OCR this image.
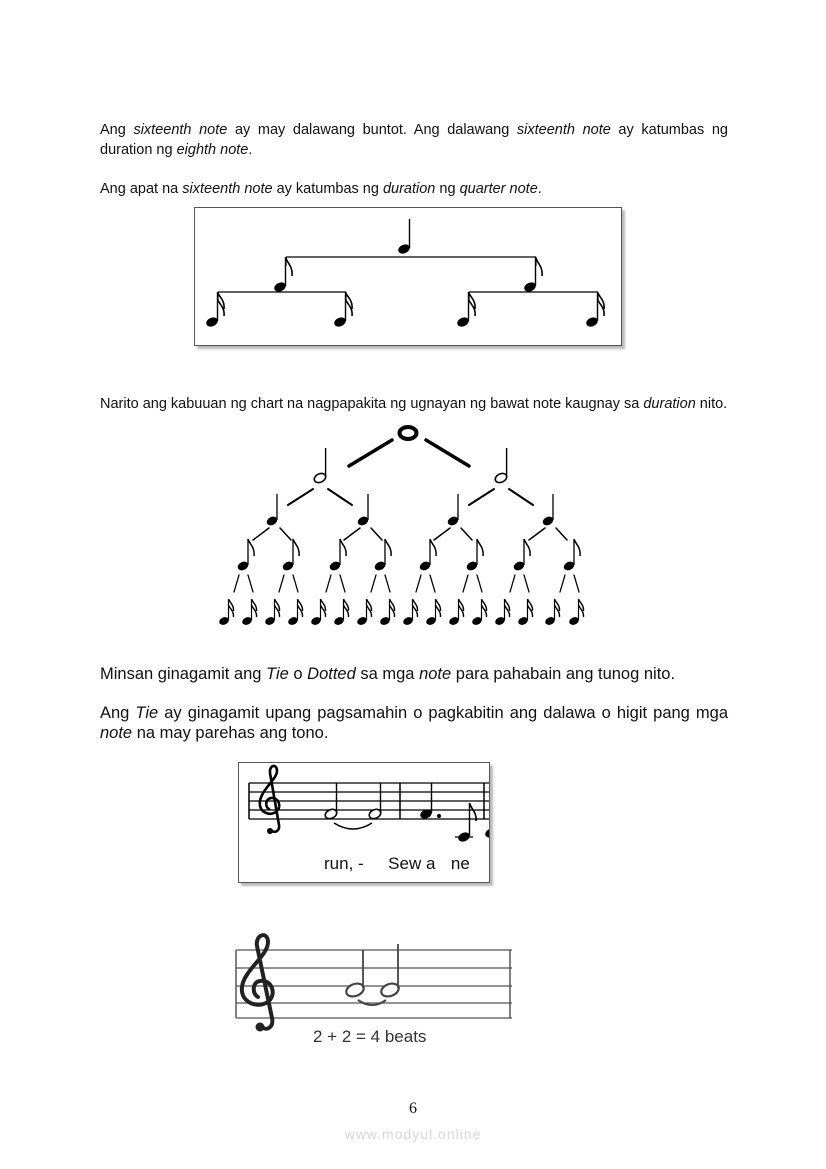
Ang sixteenth note ay may dalawang buntot. Ang dalawang sixteenth note ay katumbas ng duration ng eighth note.

Ang apat na sixteenth note ay katumbas ng duration ng quarter note.

Narito ang kabuuan ng chart na nagpapakita ng ugnayan ng bawat note kaugnay sa duration nito.

Minsan ginagamit ang Tie o Dotted sa mga note para pahabain ang tunog nito.

Ang Tie ay ginagamit upang pagsamahin o pagkabitin ang dalawa o higit pang mga note na may parehas ang tono.

run, - Sew a ne
2 + 2 = 4 beats
6
www.modyul.online
